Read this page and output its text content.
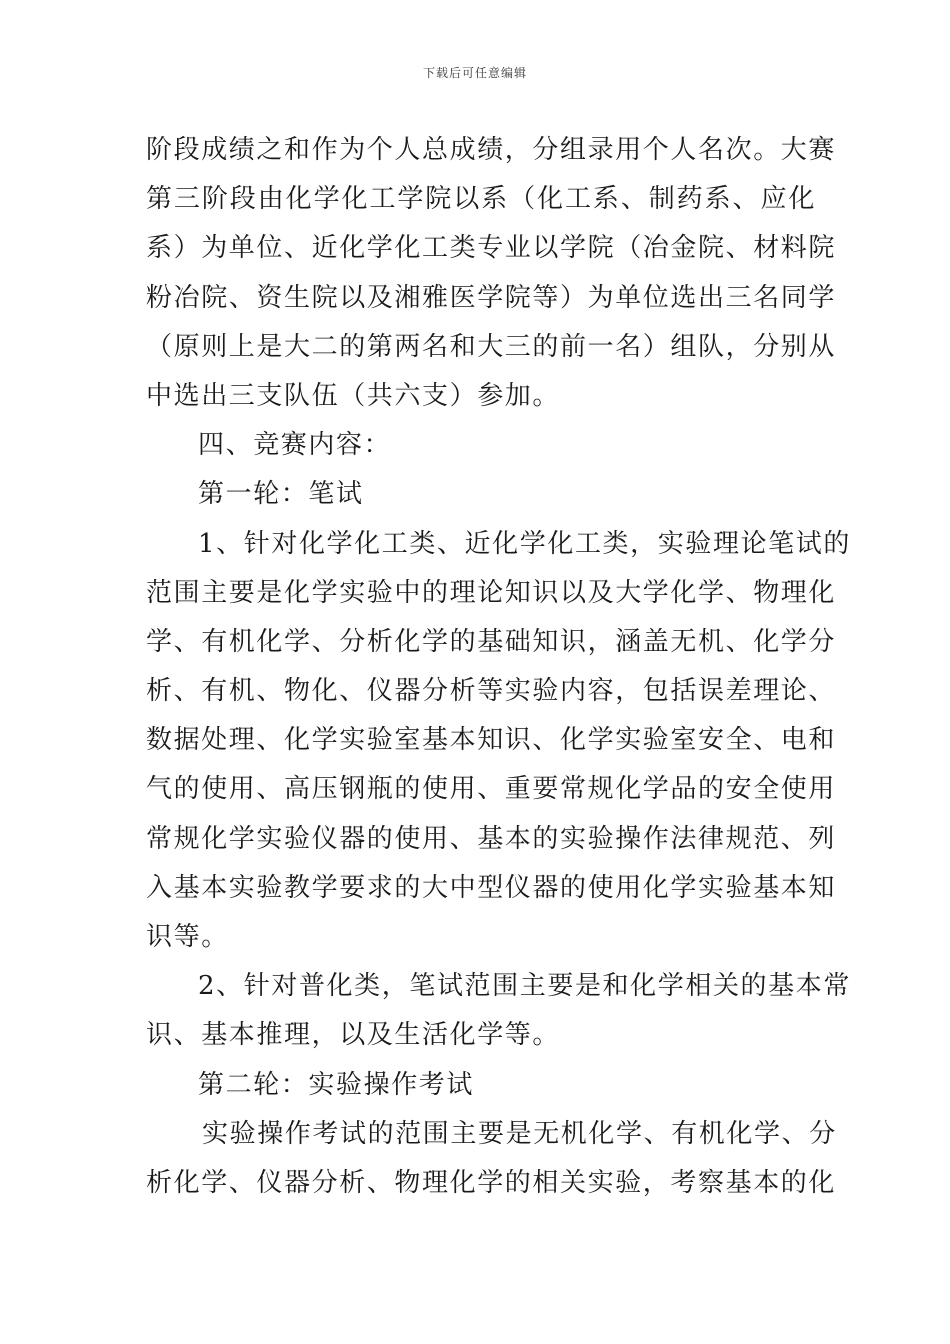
下载后可任意编辑
阶段成绩之和作为个人总成绩，分组录用个人名次。大赛
第三阶段由化学化工学院以系（化工系、制药系、应化
系）为单位、近化学化工类专业以学院（冶金院、材料院
粉冶院、资生院以及湘雅医学院等）为单位选出三名同学
（原则上是大二的第两名和大三的前一名）组队，分别从
中选出三支队伍（共六支）参加。
四、竞赛内容：
第一轮：笔试
1、针对化学化工类、近化学化工类，实验理论笔试的
范围主要是化学实验中的理论知识以及大学化学、物理化
学、有机化学、分析化学的基础知识，涵盖无机、化学分
析、有机、物化、仪器分析等实验内容，包括误差理论、
数据处理、化学实验室基本知识、化学实验室安全、电和
气的使用、高压钢瓶的使用、重要常规化学品的安全使用
常规化学实验仪器的使用、基本的实验操作法律规范、列
入基本实验教学要求的大中型仪器的使用化学实验基本知
识等。
2、针对普化类，笔试范围主要是和化学相关的基本常
识、基本推理，以及生活化学等。
第二轮：实验操作考试
实验操作考试的范围主要是无机化学、有机化学、分
析化学、仪器分析、物理化学的相关实验，考察基本的化
